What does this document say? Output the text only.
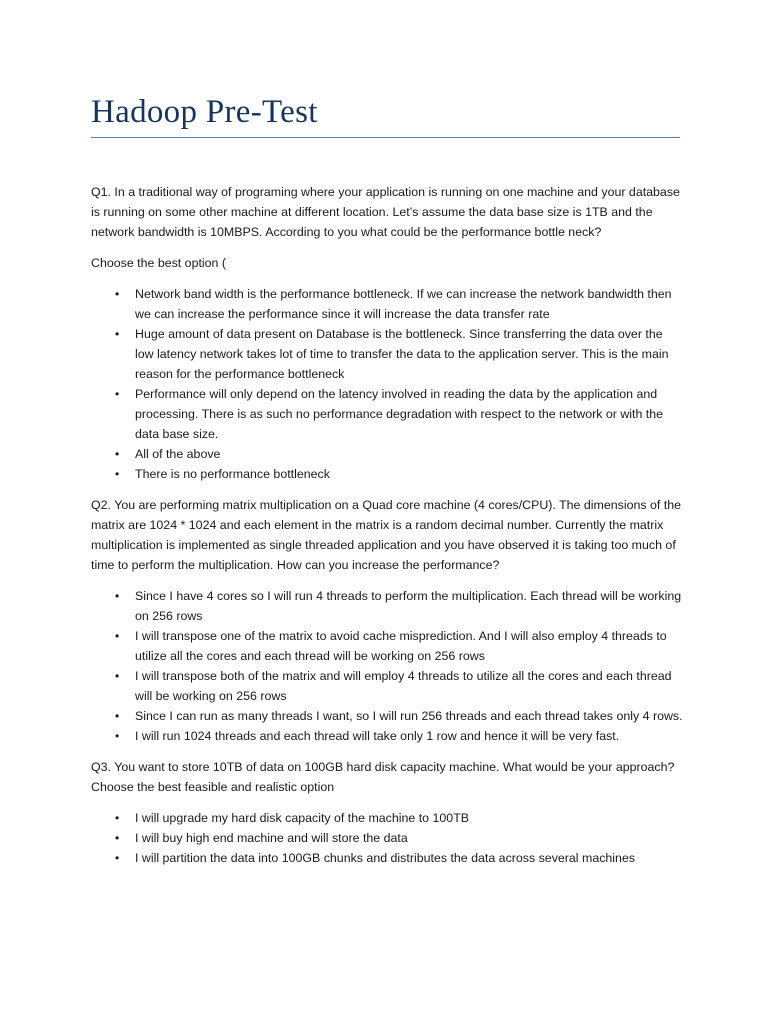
Hadoop Pre-Test

Q1. In a traditional way of programing where your application is running on one machine and your database is running on some other machine at different location. Let’s assume the data base size is 1TB and the network bandwidth is 10MBPS. According to you what could be the performance bottle neck?

Choose the best option (

• Network band width is the performance bottleneck. If we can increase the network bandwidth then we can increase the performance since it will increase the data transfer rate
• Huge amount of data present on Database is the bottleneck. Since transferring the data over the low latency network takes lot of time to transfer the data to the application server. This is the main reason for the performance bottleneck
• Performance will only depend on the latency involved in reading the data by the application and processing. There is as such no performance degradation with respect to the network or with the data base size.
• All of the above
• There is no performance bottleneck

Q2. You are performing matrix multiplication on a Quad core machine (4 cores/CPU). The dimensions of the matrix are 1024 * 1024 and each element in the matrix is a random decimal number. Currently the matrix multiplication is implemented as single threaded application and you have observed it is taking too much of time to perform the multiplication. How can you increase the performance?

• Since I have 4 cores so I will run 4 threads to perform the multiplication. Each thread will be working on 256 rows
• I will transpose one of the matrix to avoid cache misprediction. And I will also employ 4 threads to utilize all the cores and each thread will be working on 256 rows
• I will transpose both of the matrix and will employ 4 threads to utilize all the cores and each thread will be working on 256 rows
• Since I can run as many threads I want, so I will run 256 threads and each thread takes only 4 rows.
• I will run 1024 threads and each thread will take only 1 row and hence it will be very fast.

Q3. You want to store 10TB of data on 100GB hard disk capacity machine. What would be your approach? Choose the best feasible and realistic option

• I will upgrade my hard disk capacity of the machine to 100TB
• I will buy high end machine and will store the data
• I will partition the data into 100GB chunks and distributes the data across several machines
